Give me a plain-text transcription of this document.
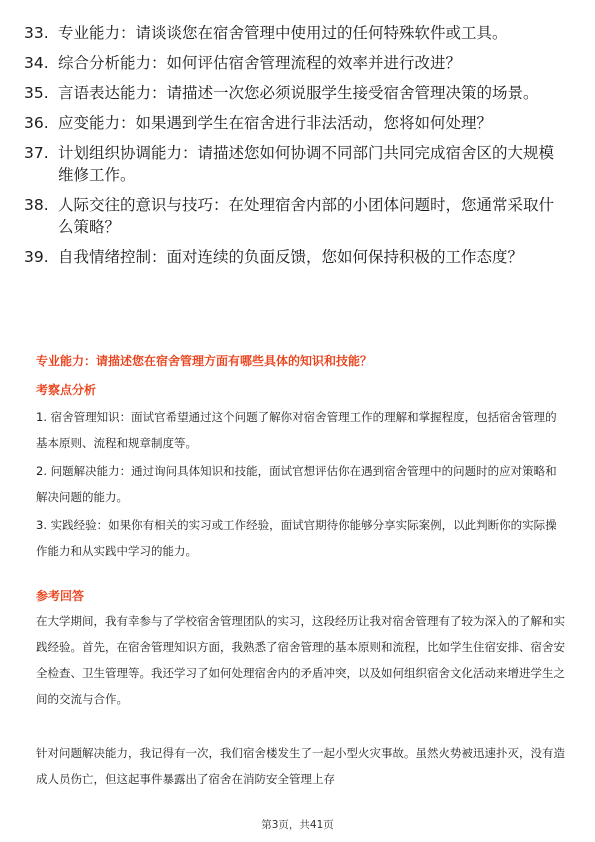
33. 专业能力：请谈谈您在宿舍管理中使用过的任何特殊软件或工具。
34. 综合分析能力：如何评估宿舍管理流程的效率并进行改进？
35. 言语表达能力：请描述一次您必须说服学生接受宿舍管理决策的场景。
36. 应变能力：如果遇到学生在宿舍进行非法活动，您将如何处理？
37. 计划组织协调能力：请描述您如何协调不同部门共同完成宿舍区的大规模维修工作。
38. 人际交往的意识与技巧：在处理宿舍内部的小团体问题时，您通常采取什么策略？
39. 自我情绪控制：面对连续的负面反馈，您如何保持积极的工作态度？
专业能力：请描述您在宿舍管理方面有哪些具体的知识和技能？
考察点分析
1. 宿舍管理知识：面试官希望通过这个问题了解你对宿舍管理工作的理解和掌握程度，包括宿舍管理的基本原则、流程和规章制度等。
2. 问题解决能力：通过询问具体知识和技能，面试官想评估你在遇到宿舍管理中的问题时的应对策略和解决问题的能力。
3. 实践经验：如果你有相关的实习或工作经验，面试官期待你能够分享实际案例，以此判断你的实际操作能力和从实践中学习的能力。
参考回答
在大学期间，我有幸参与了学校宿舍管理团队的实习，这段经历让我对宿舍管理有了较为深入的了解和实践经验。首先，在宿舍管理知识方面，我熟悉了宿舍管理的基本原则和流程，比如学生住宿安排、宿舍安全检查、卫生管理等。我还学习了如何处理宿舍内的矛盾冲突，以及如何组织宿舍文化活动来增进学生之间的交流与合作。
针对问题解决能力，我记得有一次，我们宿舍楼发生了一起小型火灾事故。虽然火势被迅速扑灭，没有造成人员伤亡，但这起事件暴露出了宿舍在消防安全管理上存
第3页，共41页
